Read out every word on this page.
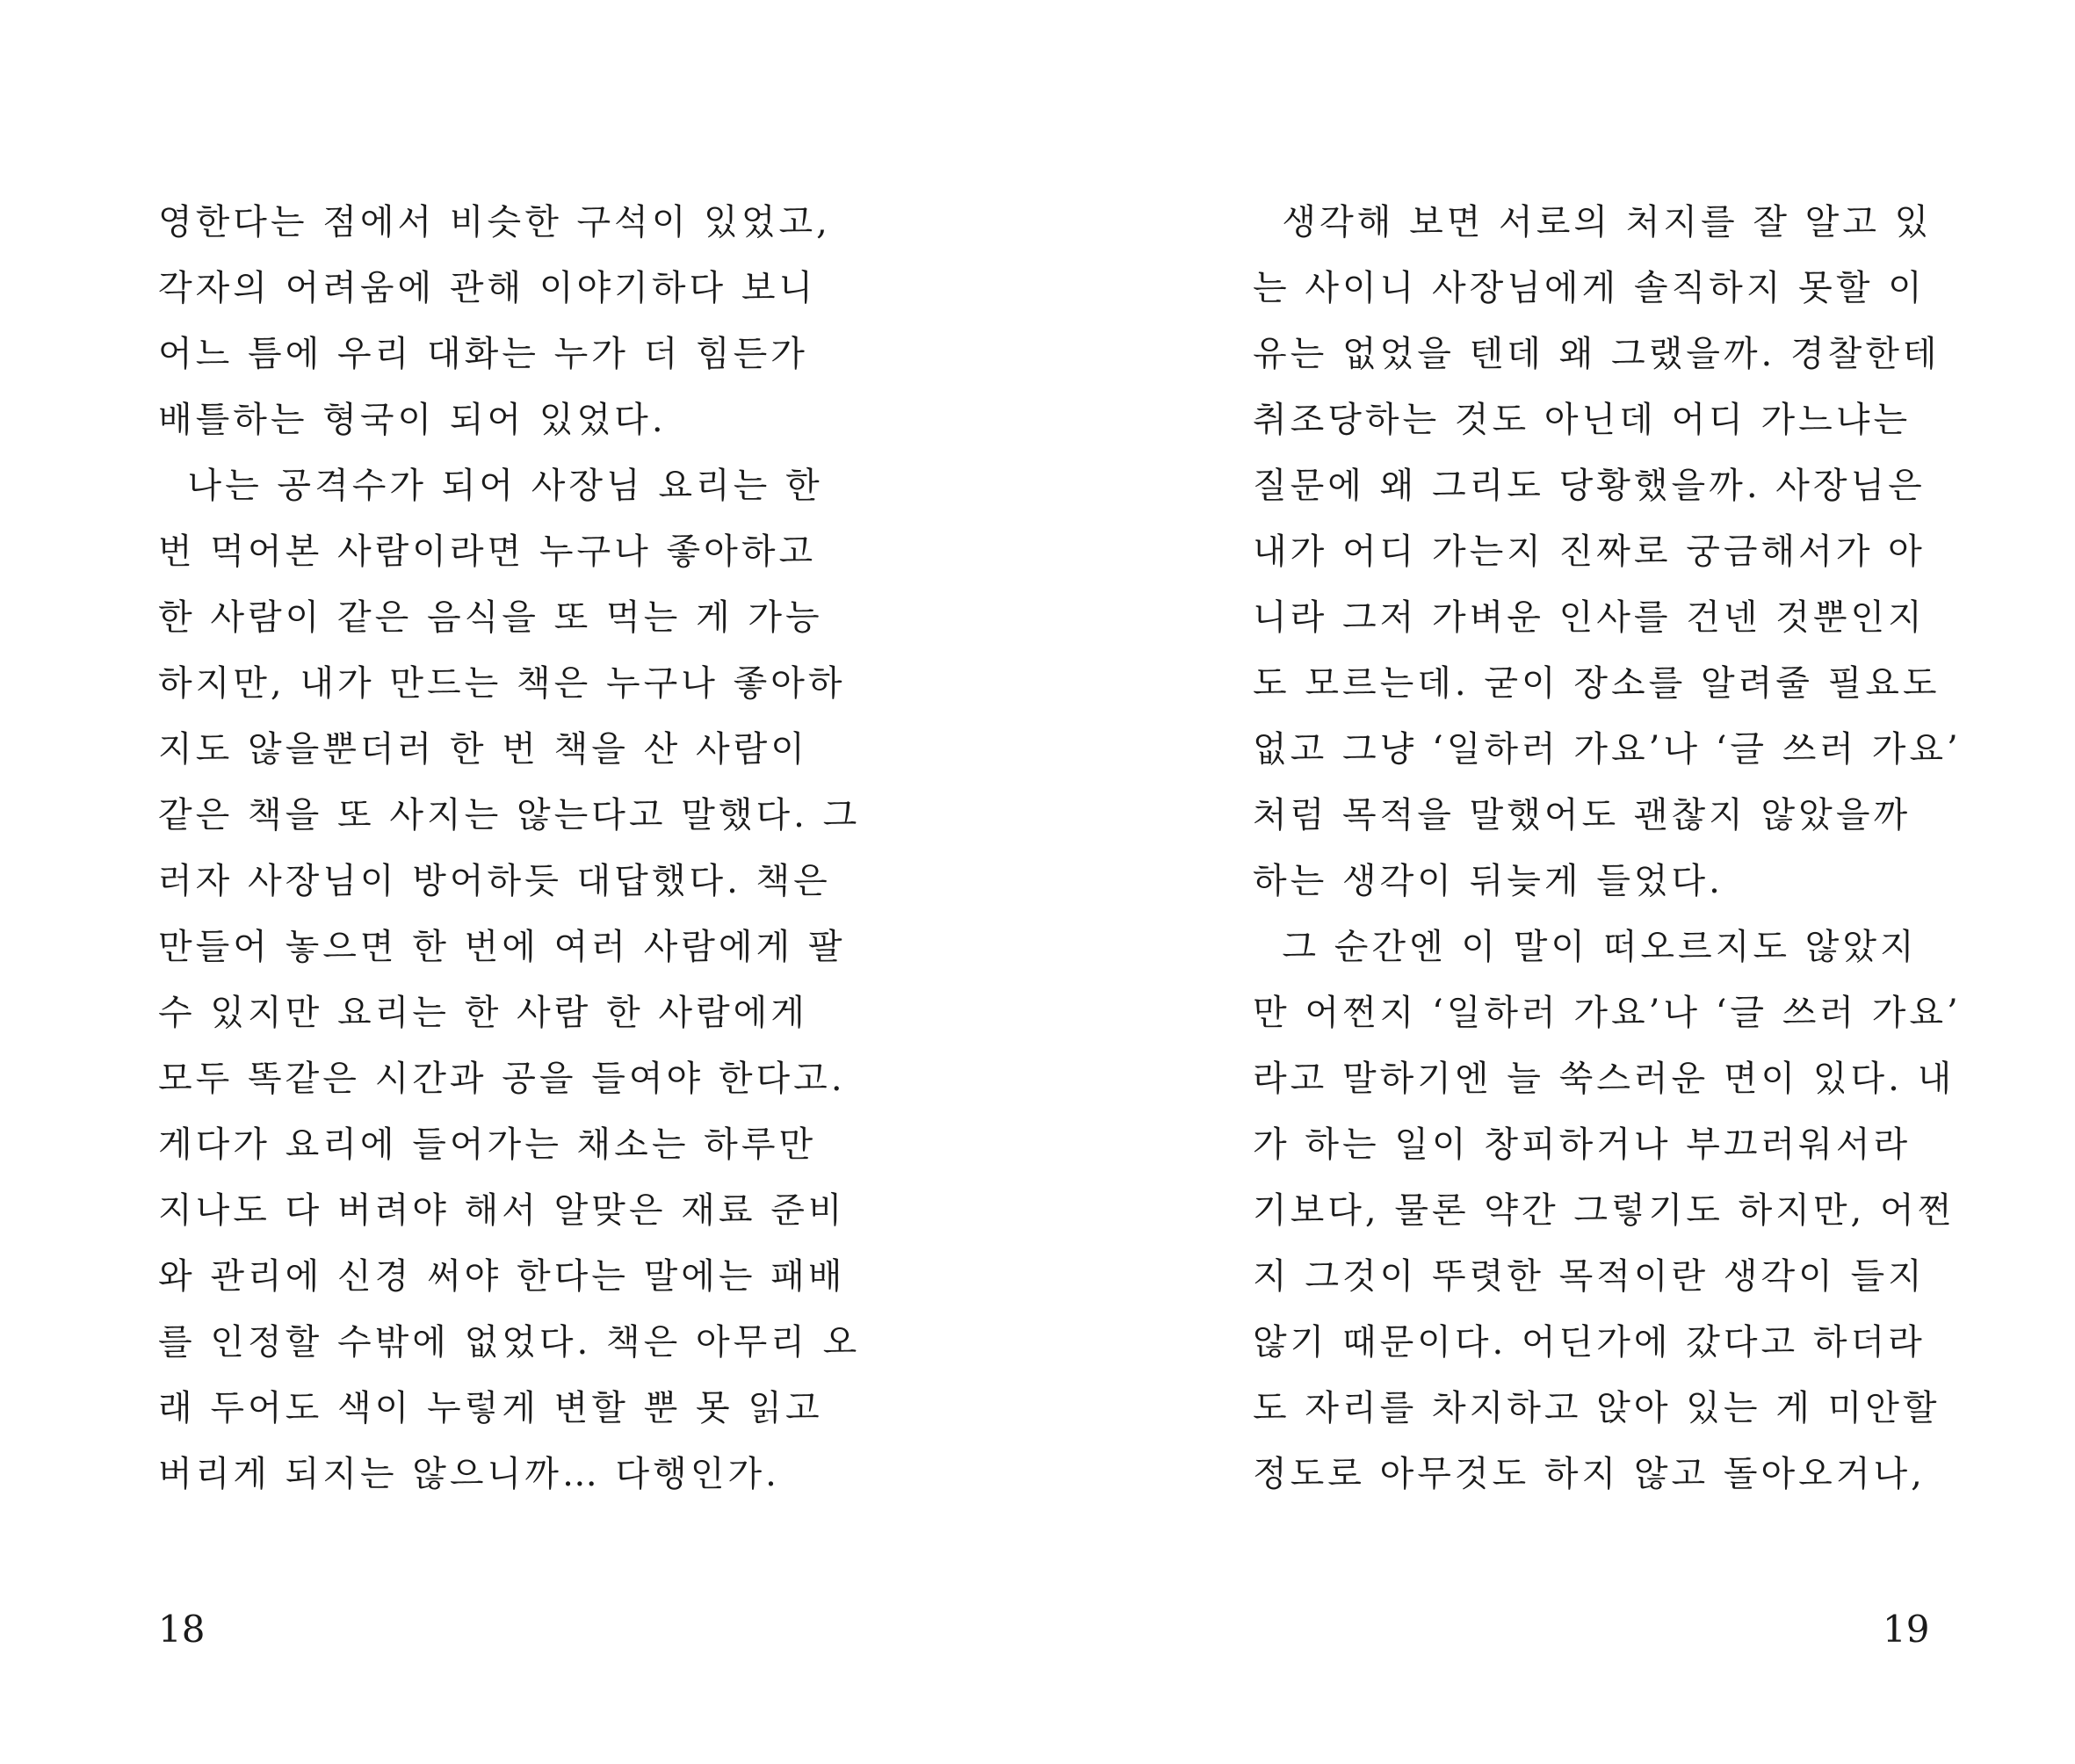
영한다는 점에서 비슷한 구석이 있었고,
각자의 어려움에 관해 이야기하다 보니
어느 틈에 우리 대화는 누가 더 힘든가
배틀하는 형국이 되어 있었다.
나는 공격수가 되어 사장님 요리는 한
번 먹어본 사람이라면 누구나 좋아하고
한 사람이 같은 음식을 또 먹는 게 가능
하지만, 내가 만드는 책은 누구나 좋아하
지도 않을뿐더러 한 번 책을 산 사람이
같은 책을 또 사지는 않는다고 말했다. 그
러자 사장님이 방어하듯 대답했다. 책은
만들어 놓으면 한 번에 여러 사람에게 팔
수 있지만 요리는 한 사람 한 사람에게
모두 똑같은 시간과 공을 들여야 한다고.
게다가 요리에 들어가는 채소는 하루만
지나도 다 버려야 해서 알맞은 재료 준비
와 관리에 신경 써야 한다는 말에는 패배
를 인정할 수밖에 없었다. 책은 아무리 오
래 두어도 색이 누렇게 변할 뿐 못 읽고
버리게 되지는 않으니까… 다행인가.
18
생각해 보면 서로의 처지를 잘 알고 있
는 사이니 사장님에게 솔직하지 못할 이
유는 없었을 텐데 왜 그랬을까. 경찰한테
취조당하는 것도 아닌데 어디 가느냐는
질문에 왜 그리도 당황했을까. 사장님은
내가 어디 가는지 진짜로 궁금해서가 아
니라 그저 가벼운 인사를 건넨 것뿐인지
도 모르는데. 굳이 장소를 알려줄 필요도
없고 그냥 ‘일하러 가요’나 ‘글 쓰러 가요’
처럼 목적을 말했어도 괜찮지 않았을까
하는 생각이 뒤늦게 들었다.
그 순간엔 이 말이 떠오르지도 않았지
만 어쩐지 ‘일하러 가요’나 ‘글 쓰러 가요’
라고 말하기엔 늘 쑥스러운 면이 있다. 내
가 하는 일이 창피하거나 부끄러워서라
기보다, 물론 약간 그렇기도 하지만, 어쩐
지 그것이 뚜렷한 목적이란 생각이 들지
않기 때문이다. 어딘가에 갔다고 하더라
도 자리를 차지하고 앉아 있는 게 미안할
정도로 아무것도 하지 않고 돌아오거나,
19
